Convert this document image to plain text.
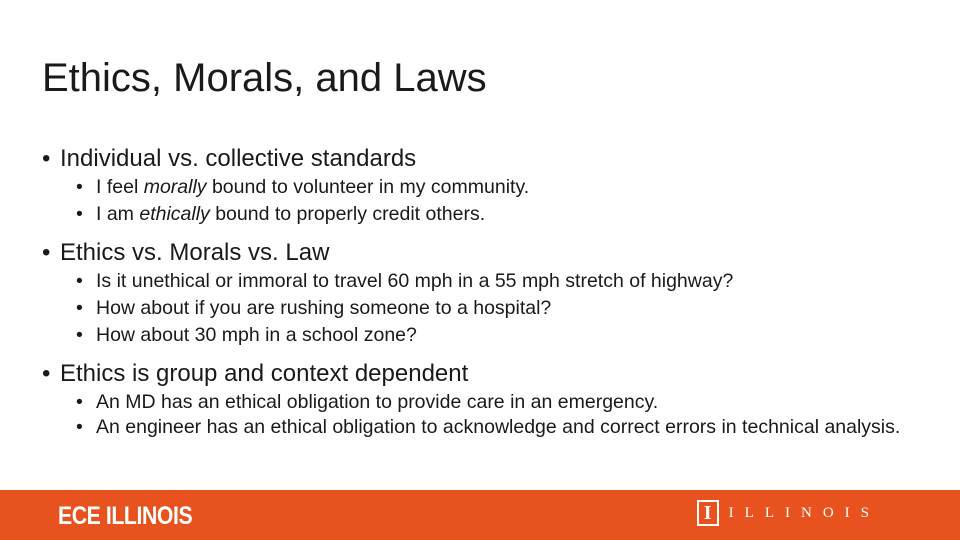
Ethics, Morals, and Laws

• Individual vs. collective standards

• I feel morally bound to volunteer in my community.

• I am ethically bound to properly credit others.

• Ethics vs. Morals vs. Law

• Is it unethical or immoral to travel 60 mph in a 55 mph stretch of highway?

• How about if you are rushing someone to a hospital?

• How about 30 mph in a school zone?

• Ethics is group and context dependent

• An MD has an ethical obligation to provide care in an emergency.

• An engineer has an ethical obligation to acknowledge and correct errors in technical analysis.

ECE ILLINOIS	I	ILLINOIS
